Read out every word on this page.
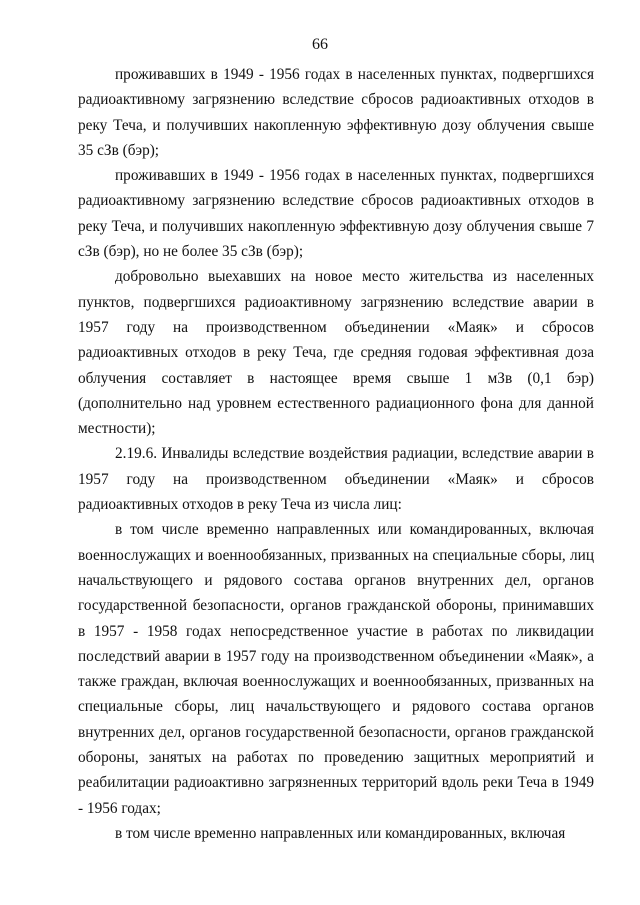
66

проживавших в 1949 - 1956 годах в населенных пунктах, подвергшихся радиоактивному загрязнению вследствие сбросов радиоактивных отходов в реку Теча, и получивших накопленную эффективную дозу облучения свыше 35 сЗв (бэр);

проживавших в 1949 - 1956 годах в населенных пунктах, подвергшихся радиоактивному загрязнению вследствие сбросов радиоактивных отходов в реку Теча, и получивших накопленную эффективную дозу облучения свыше 7 сЗв (бэр), но не более 35 сЗв (бэр);

добровольно выехавших на новое место жительства из населенных пунктов, подвергшихся радиоактивному загрязнению вследствие аварии в 1957 году на производственном объединении «Маяк» и сбросов радиоактивных отходов в реку Теча, где средняя годовая эффективная доза облучения составляет в настоящее время свыше 1 мЗв (0,1 бэр) (дополнительно над уровнем естественного радиационного фона для данной местности);

2.19.6. Инвалиды вследствие воздействия радиации, вследствие аварии в 1957 году на производственном объединении «Маяк» и сбросов радиоактивных отходов в реку Теча из числа лиц:

в том числе временно направленных или командированных, включая военнослужащих и военнообязанных, призванных на специальные сборы, лиц начальствующего и рядового состава органов внутренних дел, органов государственной безопасности, органов гражданской обороны, принимавших в 1957 - 1958 годах непосредственное участие в работах по ликвидации последствий аварии в 1957 году на производственном объединении «Маяк», а также граждан, включая военнослужащих и военнообязанных, призванных на специальные сборы, лиц начальствующего и рядового состава органов внутренних дел, органов государственной безопасности, органов гражданской обороны, занятых на работах по проведению защитных мероприятий и реабилитации радиоактивно загрязненных территорий вдоль реки Теча в 1949 - 1956 годах;

в том числе временно направленных или командированных, включая
